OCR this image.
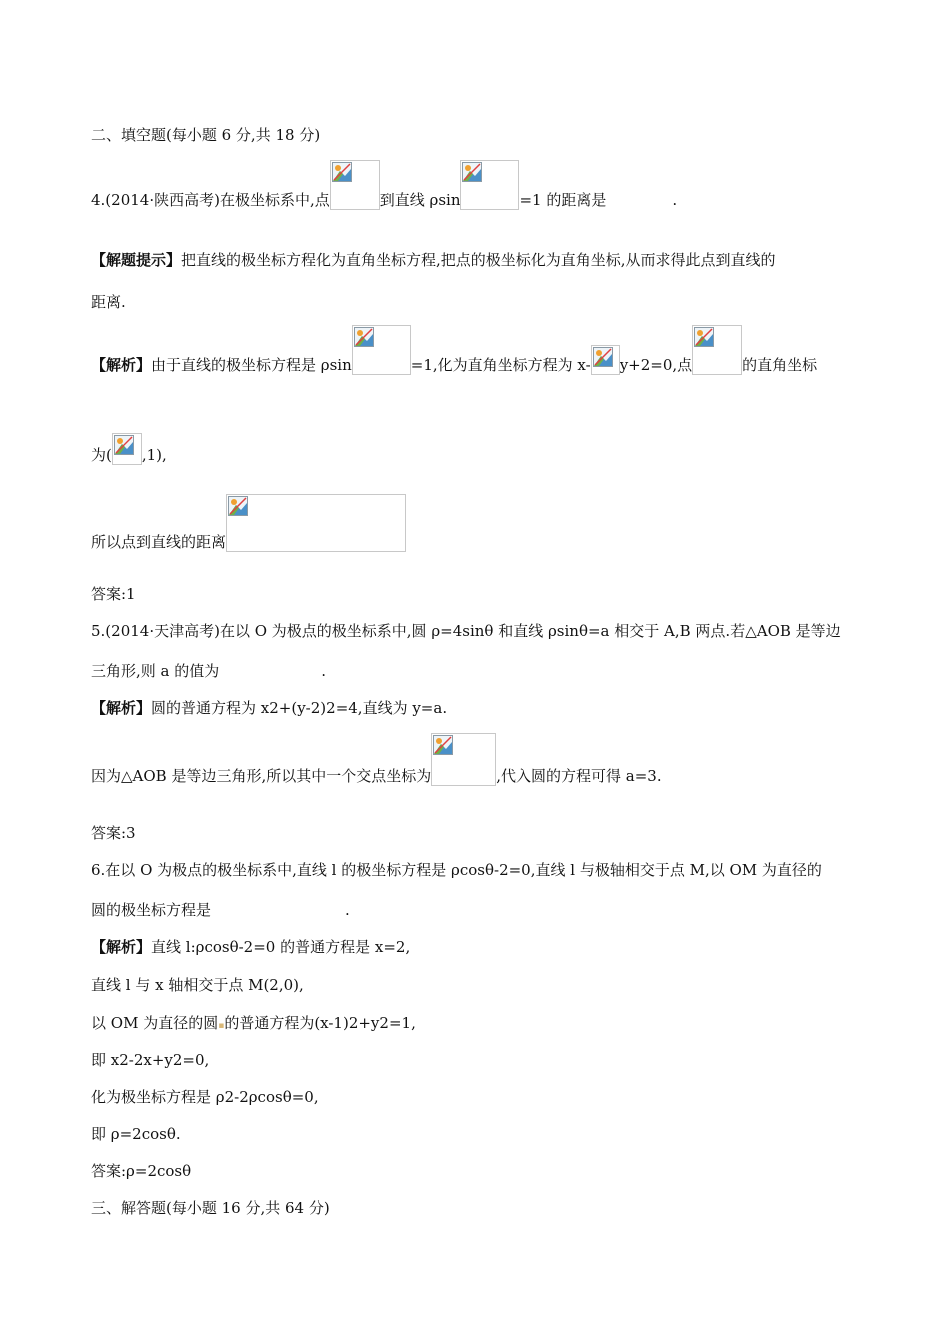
二、填空题(每小题 6 分,共 18 分)
4.(2014·陕西高考)在极坐标系中,点	到直线 ρsin	=1 的距离是	.
【解题提示】把直线的极坐标方程化为直角坐标方程,把点的极坐标化为直角坐标,从而求得此点到直线的
距离.
【解析】 由于直线的极坐标方程是 ρsin	=1,化为直角坐标方程为 x- y+2=0,点	的直角坐标
为( ,1),
所以点到直线的距离
答案:1
5.(2014·天津高考)在以 O 为极点的极坐标系中,圆 ρ=4sinθ 和直线 ρsinθ=a 相交于 A,B 两点.若△AOB 是等边
三角形,则 a 的值为	.
【解析】圆的普通方程为 x2+(y-2)2=4,直线为 y=a.
因为△AOB 是等边三角形,所以其中一个交点坐标为	,代入圆的方程可得 a=3.
答案:3
6.在以 O 为极点的极坐标系中,直线 l 的极坐标方程是 ρcosθ-2=0,直线 l 与极轴相交于点 M,以 OM 为直径的
圆的极坐标方程是	.
【解析】直线 l:ρcosθ-2=0 的普通方程是 x=2,
直线 l 与 x 轴相交于点 M(2,0),
以 OM 为直径的圆▪的普通方程为(x-1)2+y2=1,
即 x2-2x+y2=0,
化为极坐标方程是 ρ2-2ρcosθ=0,
即 ρ=2cosθ.
答案:ρ=2cosθ
三、解答题(每小题 16 分,共 64 分)
